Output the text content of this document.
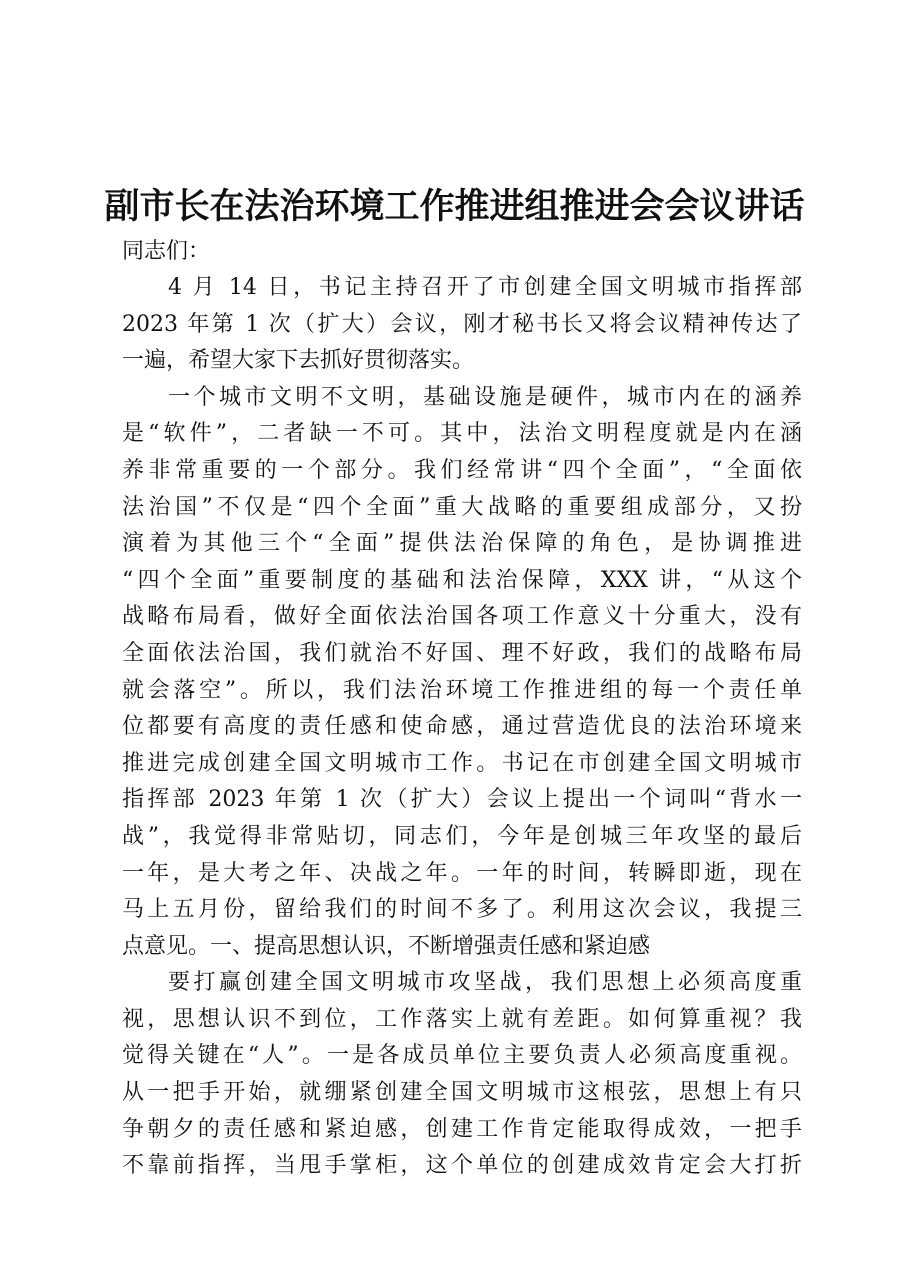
副市长在法治环境工作推进组推进会会议讲话

同志们：

4 月 14 日，书记主持召开了市创建全国文明城市指挥部

2023 年第 1 次（扩大）会议，刚才秘书长又将会议精神传达了

一遍，希望大家下去抓好贯彻落实。

一个城市文明不文明，基础设施是硬件，城市内在的涵养

是“软件”，二者缺一不可。其中，法治文明程度就是内在涵

养非常重要的一个部分。我们经常讲“四个全面”，“全面依

法治国”不仅是“四个全面”重大战略的重要组成部分，又扮

演着为其他三个“全面”提供法治保障的角色，是协调推进

“四个全面”重要制度的基础和法治保障，XXX 讲，“从这个

战略布局看，做好全面依法治国各项工作意义十分重大，没有

全面依法治国，我们就治不好国、理不好政，我们的战略布局

就会落空”。所以，我们法治环境工作推进组的每一个责任单

位都要有高度的责任感和使命感，通过营造优良的法治环境来

推进完成创建全国文明城市工作。书记在市创建全国文明城市

指挥部 2023 年第 1 次（扩大）会议上提出一个词叫“背水一

战”，我觉得非常贴切，同志们，今年是创城三年攻坚的最后

一年，是大考之年、决战之年。一年的时间，转瞬即逝，现在

马上五月份，留给我们的时间不多了。利用这次会议，我提三

点意见。一、提高思想认识，不断增强责任感和紧迫感

要打赢创建全国文明城市攻坚战，我们思想上必须高度重

视，思想认识不到位，工作落实上就有差距。如何算重视？我

觉得关键在“人”。一是各成员单位主要负责人必须高度重视。

从一把手开始，就绷紧创建全国文明城市这根弦，思想上有只

争朝夕的责任感和紧迫感，创建工作肯定能取得成效，一把手

不靠前指挥，当甩手掌柜，这个单位的创建成效肯定会大打折
